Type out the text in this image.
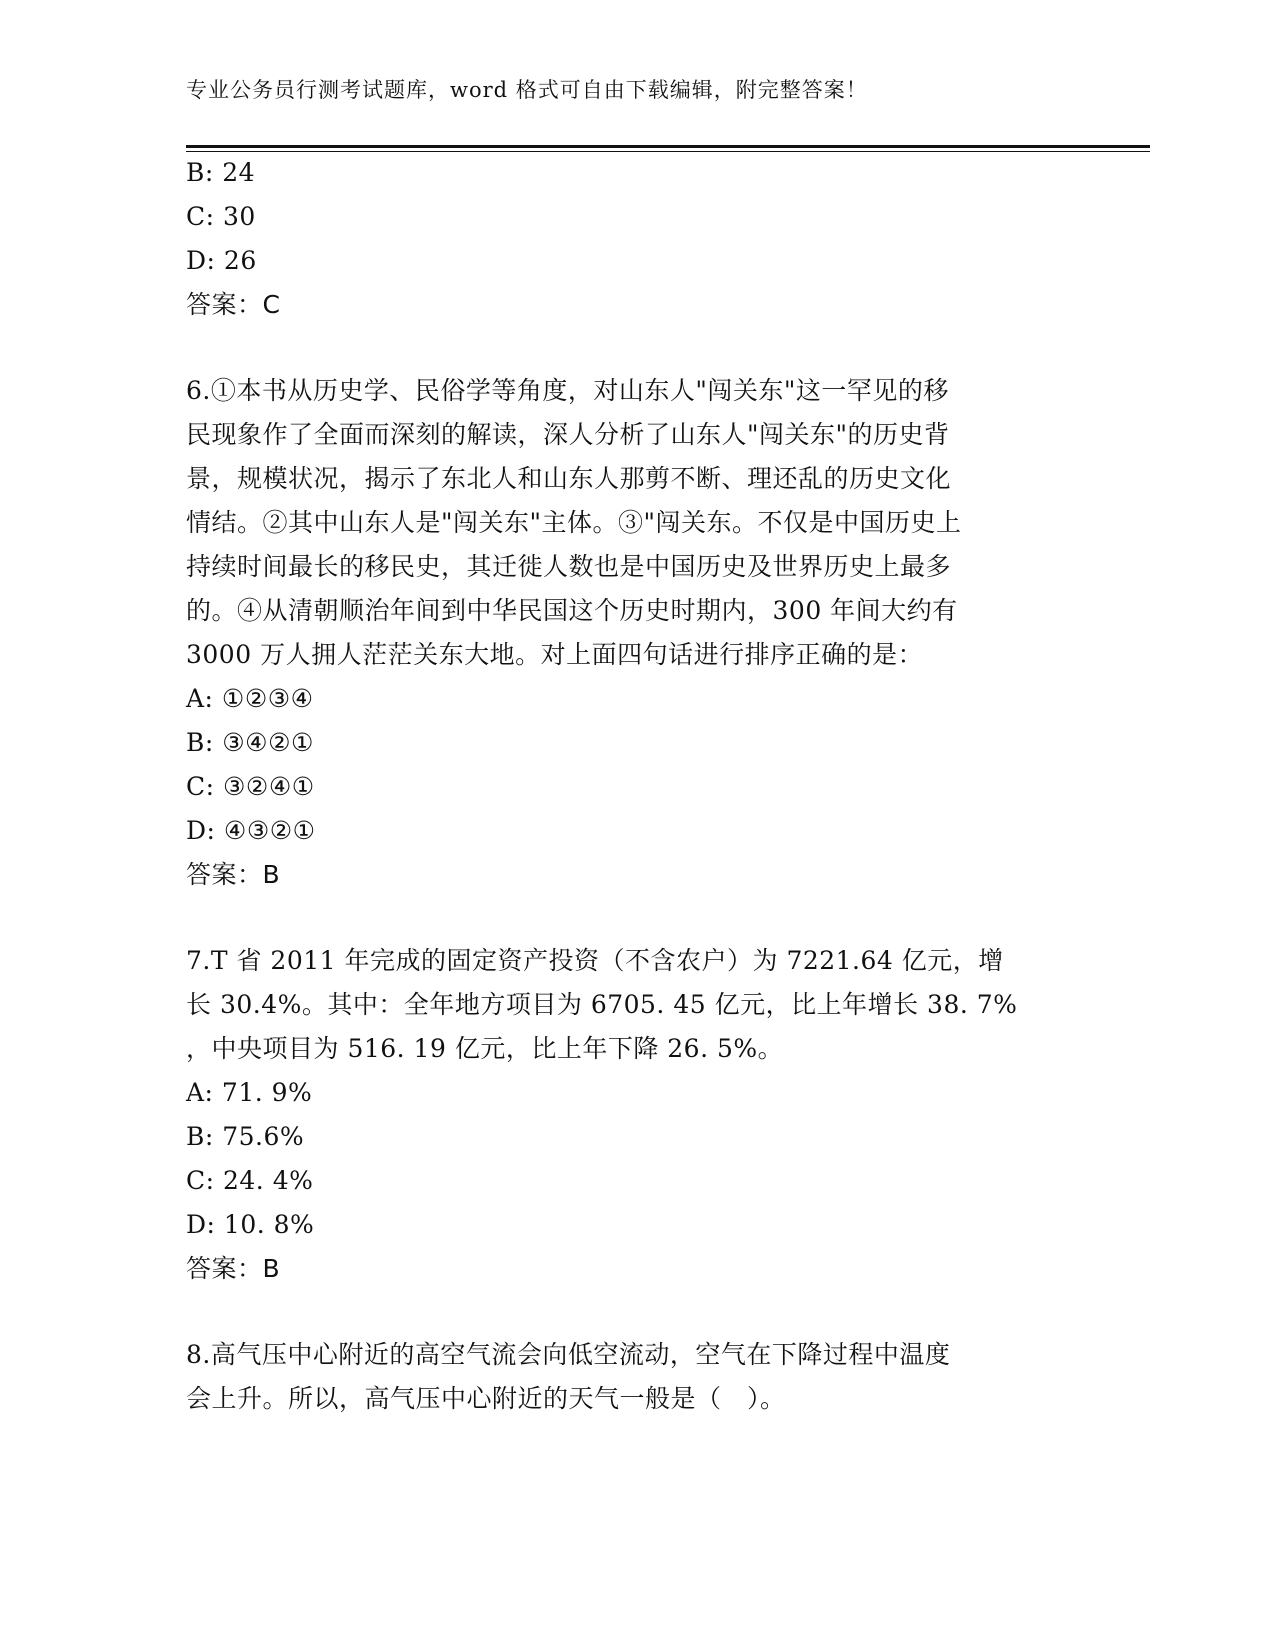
专业公务员行测考试题库，word 格式可自由下载编辑，附完整答案！
B: 24
C: 30
D: 26
答案：C
6.①本书从历史学、民俗学等角度，对山东人"闯关东"这一罕见的移
民现象作了全面而深刻的解读，深人分析了山东人"闯关东"的历史背
景，规模状况，揭示了东北人和山东人那剪不断、理还乱的历史文化
情结。②其中山东人是"闯关东"主体。③"闯关东。不仅是中国历史上
持续时间最长的移民史，其迁徙人数也是中国历史及世界历史上最多
的。④从清朝顺治年间到中华民国这个历史时期内，300 年间大约有
3000 万人拥人茫茫关东大地。对上面四句话进行排序正确的是：
A: ①②③④
B: ③④②①
C: ③②④①
D: ④③②①
答案：B
7.T 省 2011 年完成的固定资产投资（不含农户）为 7221.64 亿元，增
长 30.4%。其中：全年地方项目为 6705. 45 亿元，比上年增长 38. 7%
，中央项目为 516. 19 亿元，比上年下降 26. 5%。
A: 71. 9%
B: 75.6%
C: 24. 4%
D: 10. 8%
答案：B
8.高气压中心附近的高空气流会向低空流动，空气在下降过程中温度
会上升。所以，高气压中心附近的天气一般是（　）。
